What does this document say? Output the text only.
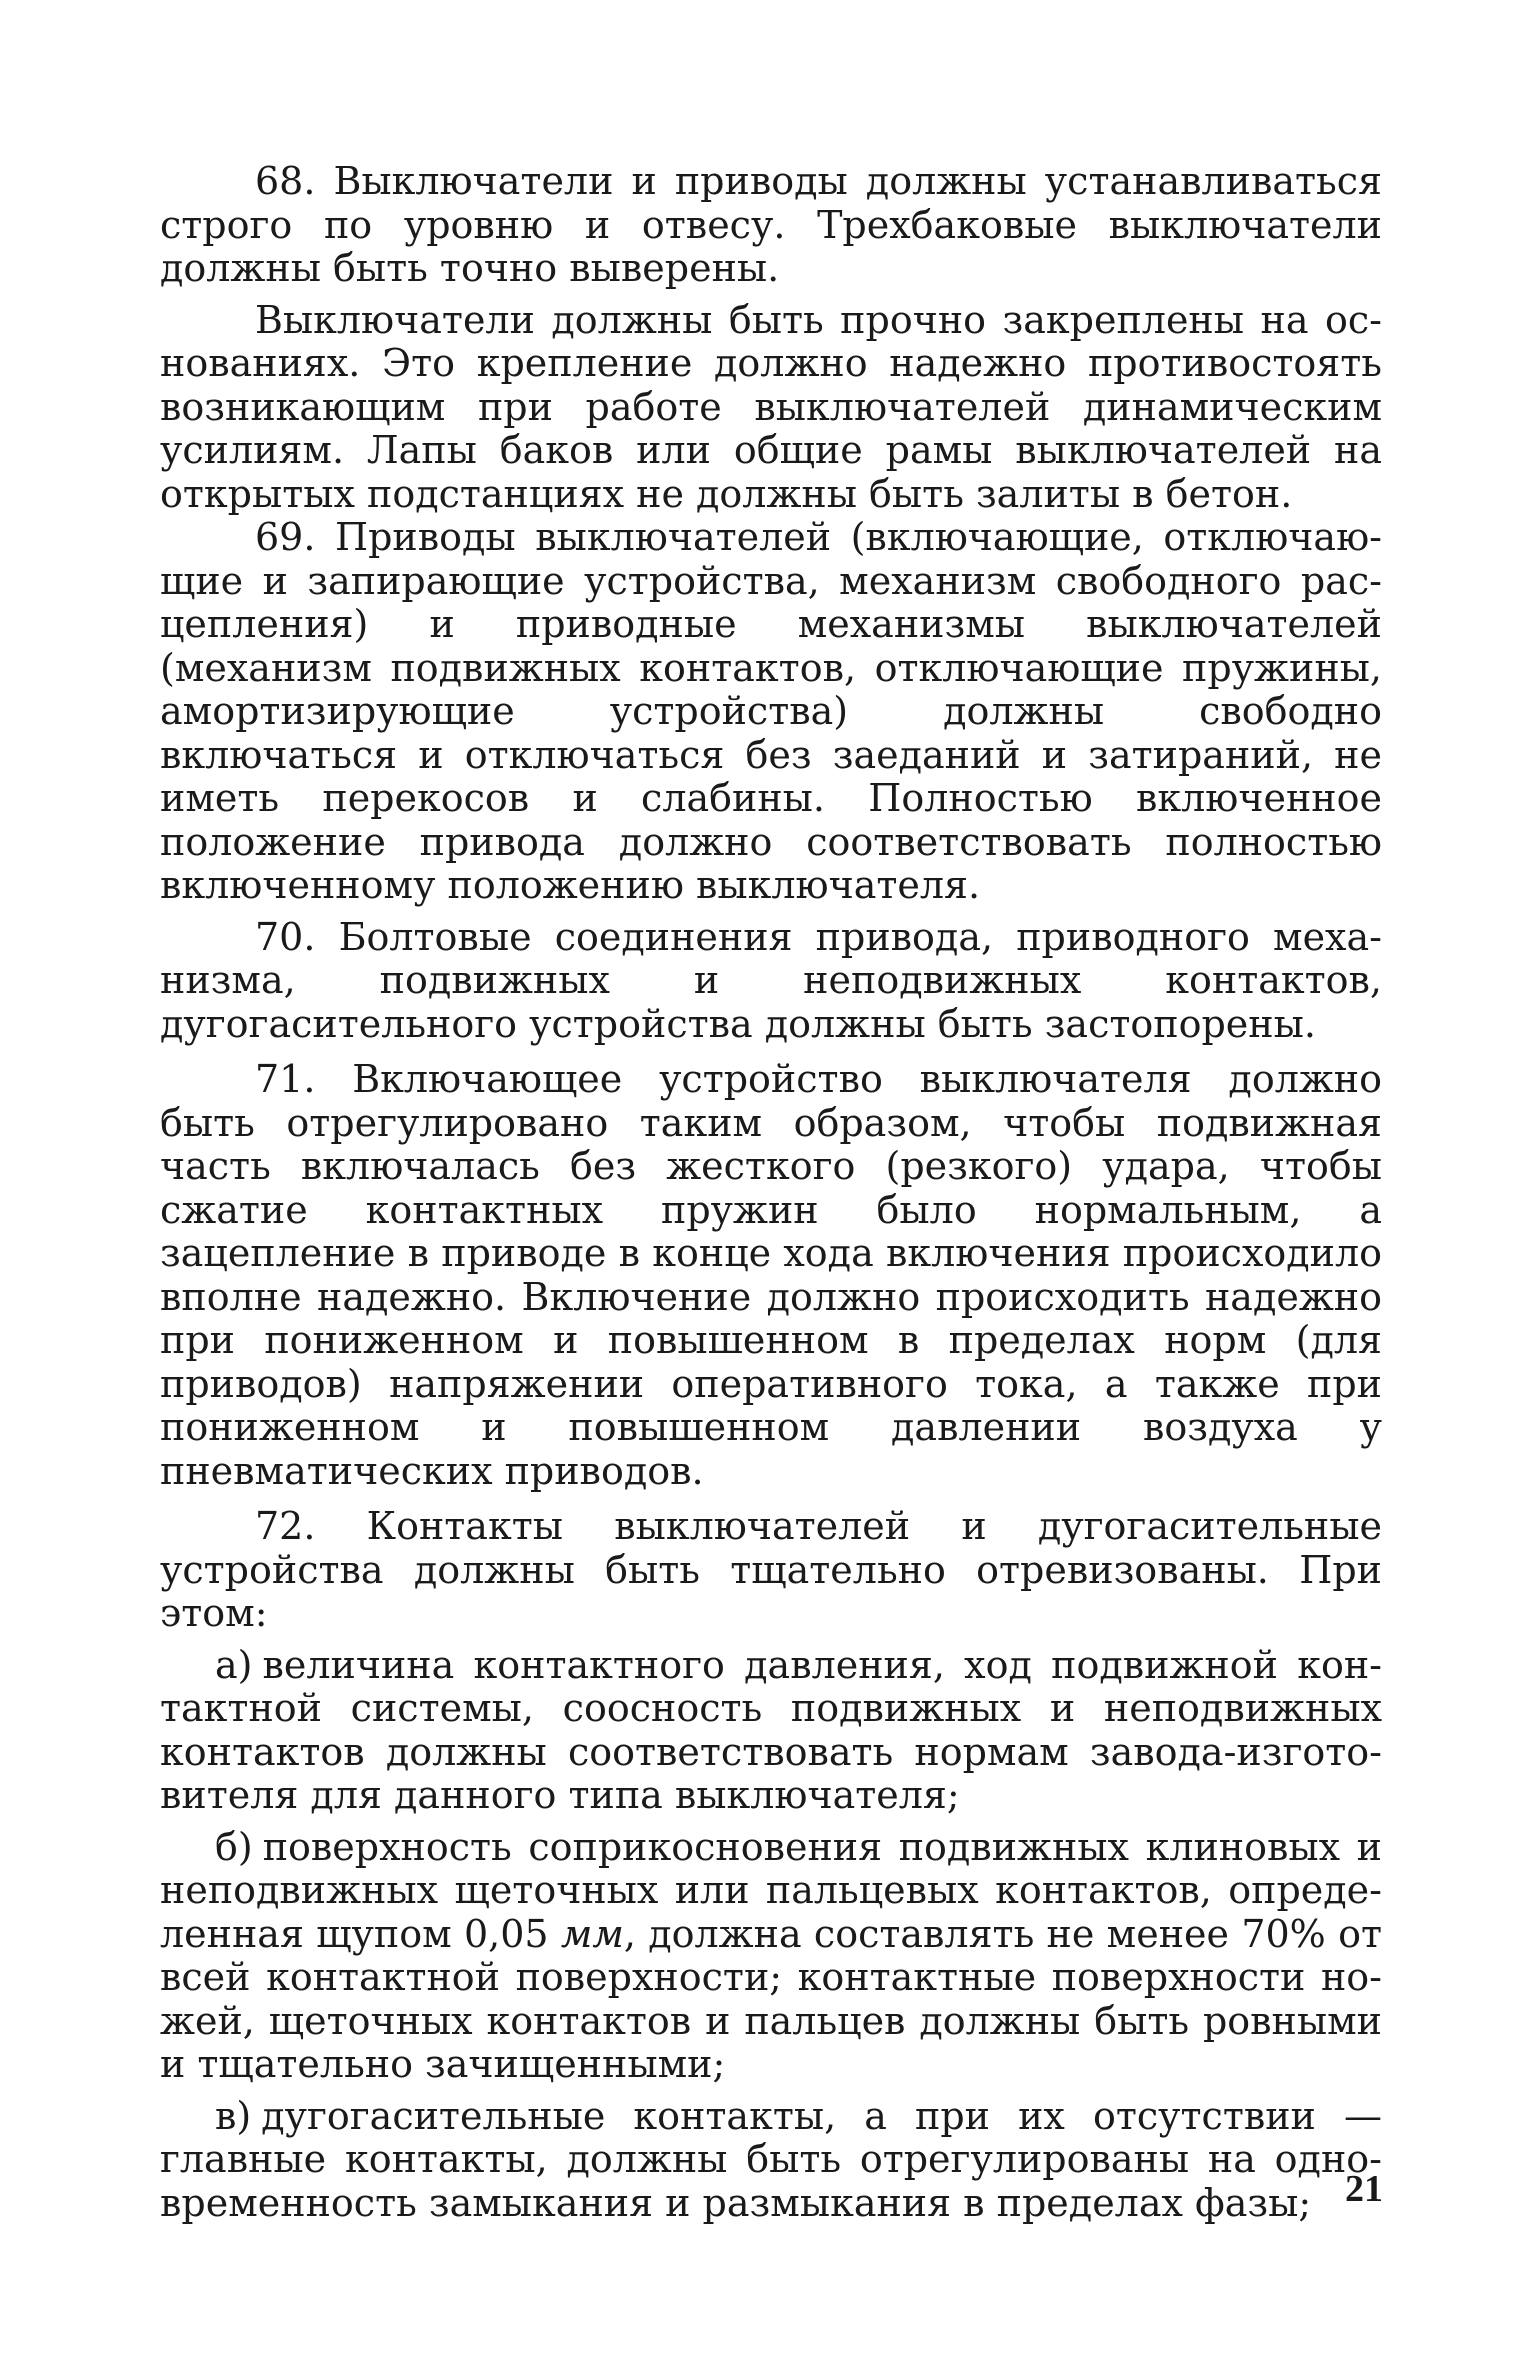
68. Выключатели и приводы должны устанавливаться строго по уровню и отвесу. Трехбаковые выключатели должны быть точно выверены.

Выключатели должны быть прочно закреплены на основаниях. Это крепление должно надежно противостоять возникающим при работе выключателей динамическим усилиям. Лапы баков или общие рамы выключателей на открытых подстанциях не должны быть залиты в бетон.

69. Приводы выключателей (включающие, отключающие и запирающие устройства, механизм свободного расцепления) и приводные механизмы выключателей (механизм подвижных контактов, отключающие пружины, амортизирующие устройства) должны свободно включаться и отключаться без заеданий и затираний, не иметь перекосов и слабины. Полностью включенное положение привода должно соответствовать полностью включенному положению выключателя.

70. Болтовые соединения привода, приводного механизма, подвижных и неподвижных контактов, дугогасительного устройства должны быть застопорены.

71. Включающее устройство выключателя должно быть отрегулировано таким образом, чтобы подвижная часть включалась без жесткого (резкого) удара, чтобы сжатие контактных пружин было нормальным, а зацепление в приводе в конце хода включения происходило вполне надежно. Включение должно происходить надежно при пониженном и повышенном в пределах норм (для приводов) напряжении оперативного тока, а также при пониженном и повышенном давлении воздуха у пневматических приводов.

72. Контакты выключателей и дугогасительные устройства должны быть тщательно отревизованы. При этом:

а) величина контактного давления, ход подвижной контактной системы, соосность подвижных и неподвижных контактов должны соответствовать нормам завода-изготовителя для данного типа выключателя;
б) поверхность соприкосновения подвижных клиновых и неподвижных щеточных или пальцевых контактов, определенная щупом 0,05 мм, должна составлять не менее 70% от всей контактной поверхности; контактные поверхности ножей, щеточных контактов и пальцев должны быть ровными и тщательно зачищенными;
в) дугогасительные контакты, а при их отсутствии — главные контакты, должны быть отрегулированы на одновременность замыкания и размыкания в пределах фазы; 21
